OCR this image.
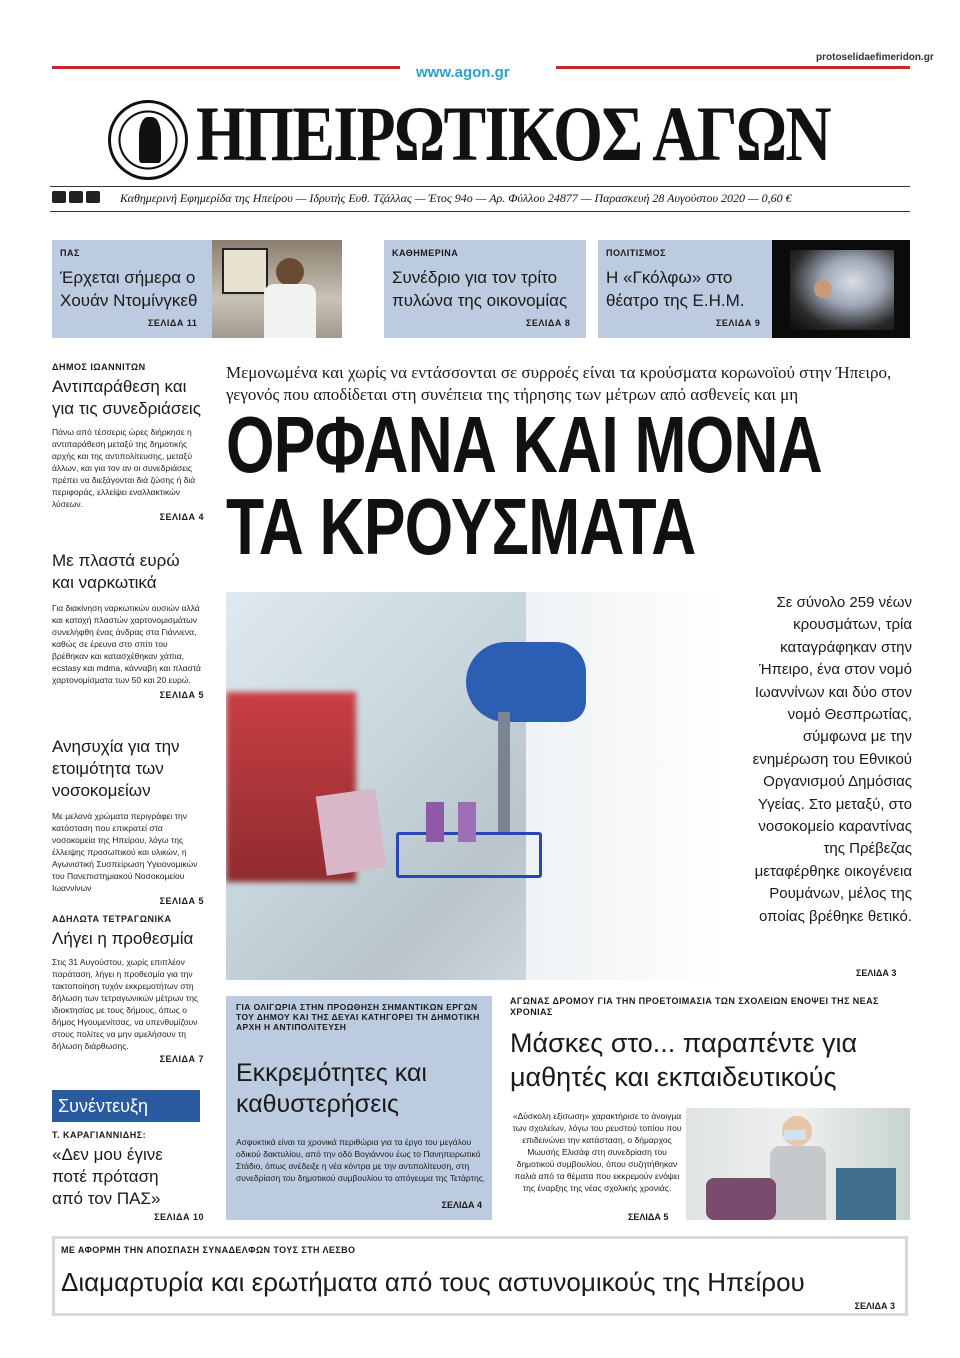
protoselidaefimeridon.gr
www.agon.gr
ΗΠΕΙΡΩΤΙΚΟΣ ΑΓΩΝ
Καθημερινή Εφημερίδα της Ηπείρου — Ιδρυτής Ευθ. Τζάλλας — Έτος 94ο — Αρ. Φύλλου 24877 — Παρασκευή 28 Αυγούστου 2020 — 0,60 €
ΠΑΣ
Έρχεται σήμερα ο Χουάν Ντομίνγκεθ
ΣΕΛΙΔΑ 11
ΚΑΘΗΜΕΡΙΝΑ
Συνέδριο για τον τρίτο πυλώνα της οικονομίας
ΣΕΛΙΔΑ 8
ΠΟΛΙΤΙΣΜΟΣ
Η «Γκόλφω» στο θέατρο της Ε.Η.Μ.
ΣΕΛΙΔΑ 9
ΔΗΜΟΣ ΙΩΑΝΝΙΤΩΝ
Αντιπαράθεση και για τις συνεδριάσεις
Πάνω από τέσσερις ώρες διήρκησε η αντιπαράθεση μεταξύ της δημοτικής αρχής και της αντιπολίτευσης, μεταξύ άλλων, και για τον αν οι συνεδριάσεις πρέπει να διεξάγονται διά ζώσης ή διά περιφοράς, ελλείψει εναλλακτικών λύσεων.
ΣΕΛΙΔΑ 4
Με πλαστά ευρώ και ναρκωτικά
Για διακίνηση ναρκωτικών ουσιών αλλά και κατοχή πλαστών χαρτονομισμάτων συνελήφθη ένας άνδρας στα Γιάννενα, καθώς σε έρευνα στο σπίτι του βρέθηκαν και κατασχέθηκαν χάπια, ecstasy και mdma, κάνναβη και πλαστά χαρτονομίσματα των 50 και 20 ευρώ.
ΣΕΛΙΔΑ 5
Ανησυχία για την ετοιμότητα των νοσοκομείων
Με μελανά χρώματα περιγράφει την κατάσταση που επικρατεί στα νοσοκομεία της Ηπείρου, λόγω της έλλειψης προσωπικού και υλικών, η Αγωνιστική Συσπείρωση Υγειονομικών του Πανεπιστημιακού Νοσοκομείου Ιωαννίνων
ΣΕΛΙΔΑ 5
ΑΔΗΛΩΤΑ ΤΕΤΡΑΓΩΝΙΚΑ
Λήγει η προθεσμία
Στις 31 Αυγούστου, χωρίς επιπλέον παράταση, λήγει η προθεσμία για την τακτοποίηση τυχόν εκκρεμοτήτων στη δήλωση των τετραγωνικών μέτρων της ιδιοκτησίας με τους δήμους, όπως ο δήμος Ηγουμενίτσας, να υπενθυμίζουν στους πολίτες να μην αμελήσουν τη δήλωση διάρθωσης.
ΣΕΛΙΔΑ 7
Συνέντευξη
Τ. ΚΑΡΑΓΙΑΝΝΙΔΗΣ:
«Δεν μου έγινε ποτέ πρόταση από τον ΠΑΣ»
ΣΕΛΙΔΑ 10
Μεμονωμένα και χωρίς να εντάσσονται σε συρροές είναι τα κρούσματα κορωνοϊού στην Ήπειρο, γεγονός που αποδίδεται στη συνέπεια της τήρησης των μέτρων από ασθενείς και μη
ΟΡΦΑΝΑ ΚΑΙ ΜΟΝΑ
ΤΑ ΚΡΟΥΣΜΑΤΑ
Σε σύνολο 259 νέων κρουσμάτων, τρία καταγράφηκαν στην Ήπειρο, ένα στον νομό Ιωαννίνων και δύο στον νομό Θεσπρωτίας, σύμφωνα με την ενημέρωση του Εθνικού Οργανισμού Δημόσιας Υγείας. Στο μεταξύ, στο νοσοκομείο καραντίνας της Πρέβεζας μεταφέρθηκε οικογένεια Ρουμάνων, μέλος της οποίας βρέθηκε θετικό.
ΣΕΛΙΔΑ 3
ΓΙΑ ΟΛΙΓΩΡΙΑ ΣΤΗΝ ΠΡΟΩΘΗΣΗ ΣΗΜΑΝΤΙΚΩΝ ΕΡΓΩΝ ΤΟΥ ΔΗΜΟΥ ΚΑΙ ΤΗΣ ΔΕΥΑΙ ΚΑΤΗΓΟΡΕΙ ΤΗ ΔΗΜΟΤΙΚΗ ΑΡΧΗ Η ΑΝΤΙΠΟΛΙΤΕΥΣΗ
Εκκρεμότητες και καθυστερήσεις
Ασφυκτικά είναι τα χρονικά περιθώρια για τα έργο του μεγάλου οδικού δακτυλίου, από την οδό Βογιάννου έως το Πανηπειρωτικό Στάδιο, όπως ανέδειξε η νέα κόντρα με την αντιπολίτευση, στη συνεδρίαση του δημοτικού συμβουλίου το απόγευμα της Τετάρτης.
ΣΕΛΙΔΑ 4
ΑΓΩΝΑΣ ΔΡΟΜΟΥ ΓΙΑ ΤΗΝ ΠΡΟΕΤΟΙΜΑΣΙΑ ΤΩΝ ΣΧΟΛΕΙΩΝ ΕΝΟΨΕΙ ΤΗΣ ΝΕΑΣ ΧΡΟΝΙΑΣ
Μάσκες στο... παραπέντε για μαθητές και εκπαιδευτικούς
«Δύσκολη εξίσωση» χαρακτήρισε το άνοιγμα των σχολείων, λόγω του ρευστού τοπίου που επιδεινώνει την κατάσταση, ο δήμαρχος Μωυσής Ελισάφ στη συνεδρίαση του δημοτικού συμβουλίου, όπου συζητήθηκαν παλιά από τα θέματα που εκκρεμούν ενόψει της έναρξης της νέας σχολικής χρονιάς.
ΣΕΛΙΔΑ 5
ΜΕ ΑΦΟΡΜΗ ΤΗΝ ΑΠΟΣΠΑΣΗ ΣΥΝΑΔΕΛΦΩΝ ΤΟΥΣ ΣΤΗ ΛΕΣΒΟ
Διαμαρτυρία και ερωτήματα από τους αστυνομικούς της Ηπείρου
ΣΕΛΙΔΑ 3
